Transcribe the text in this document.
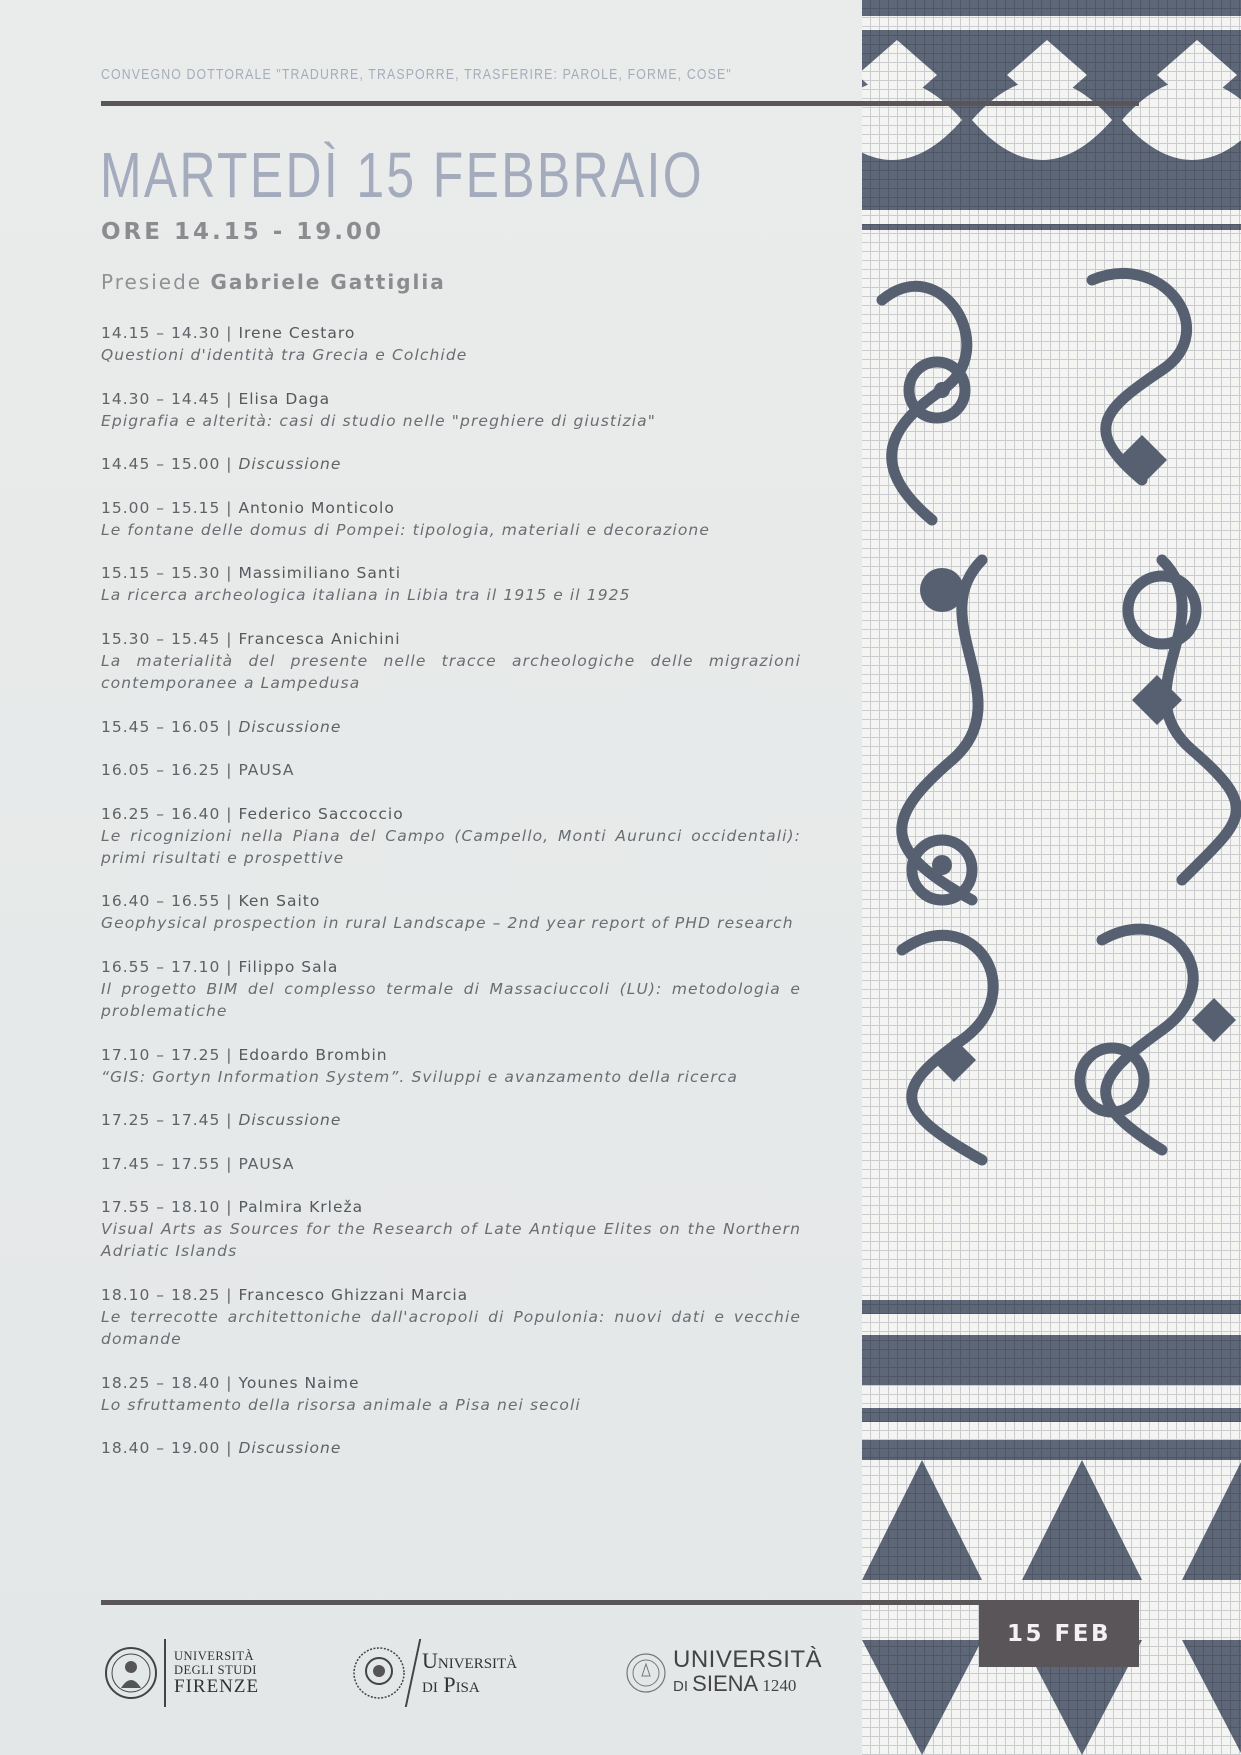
CONVEGNO DOTTORALE "TRADURRE, TRASPORRE, TRASFERIRE: PAROLE, FORME, COSE"
MARTEDÌ 15 FEBBRAIO
ORE 14.15 - 19.00
Presiede Gabriele Gattiglia
14.15 – 14.30 | Irene Cestaro
Questioni d'identità tra Grecia e Colchide
14.30 – 14.45 | Elisa Daga
Epigrafia e alterità: casi di studio nelle "preghiere di giustizia"
14.45 – 15.00 | Discussione
15.00 – 15.15 | Antonio Monticolo
Le fontane delle domus di Pompei: tipologia, materiali e decorazione
15.15 – 15.30 | Massimiliano Santi
La ricerca archeologica italiana in Libia tra il 1915 e il 1925
15.30 – 15.45 | Francesca Anichini
La materialità del presente nelle tracce archeologiche delle migrazioni contemporanee a Lampedusa
15.45 – 16.05 | Discussione
16.05 – 16.25 | PAUSA
16.25 – 16.40 | Federico Saccoccio
Le ricognizioni nella Piana del Campo (Campello, Monti Aurunci occidentali): primi risultati e prospettive
16.40 – 16.55 | Ken Saito
Geophysical prospection in rural Landscape – 2nd year report of PHD research
16.55 – 17.10 | Filippo Sala
Il progetto BIM del complesso termale di Massaciuccoli (LU): metodologia e problematiche
17.10 – 17.25 | Edoardo Brombin
“GIS: Gortyn Information System”. Sviluppi e avanzamento della ricerca
17.25 – 17.45 | Discussione
17.45 – 17.55 | PAUSA
17.55 – 18.10 | Palmira Krleža
Visual Arts as Sources for the Research of Late Antique Elites on the Northern Adriatic Islands
18.10 – 18.25 | Francesco Ghizzani Marcia
Le terrecotte architettoniche dall'acropoli di Populonia: nuovi dati e vecchie domande
18.25 – 18.40 | Younes Naime
Lo sfruttamento della risorsa animale a Pisa nei secoli
18.40 – 19.00 | Discussione
UNIVERSITÀ
DEGLI STUDI
FIRENZE
Università
di Pisa
UNIVERSITÀ
DI SIENA 1240
15 FEB
